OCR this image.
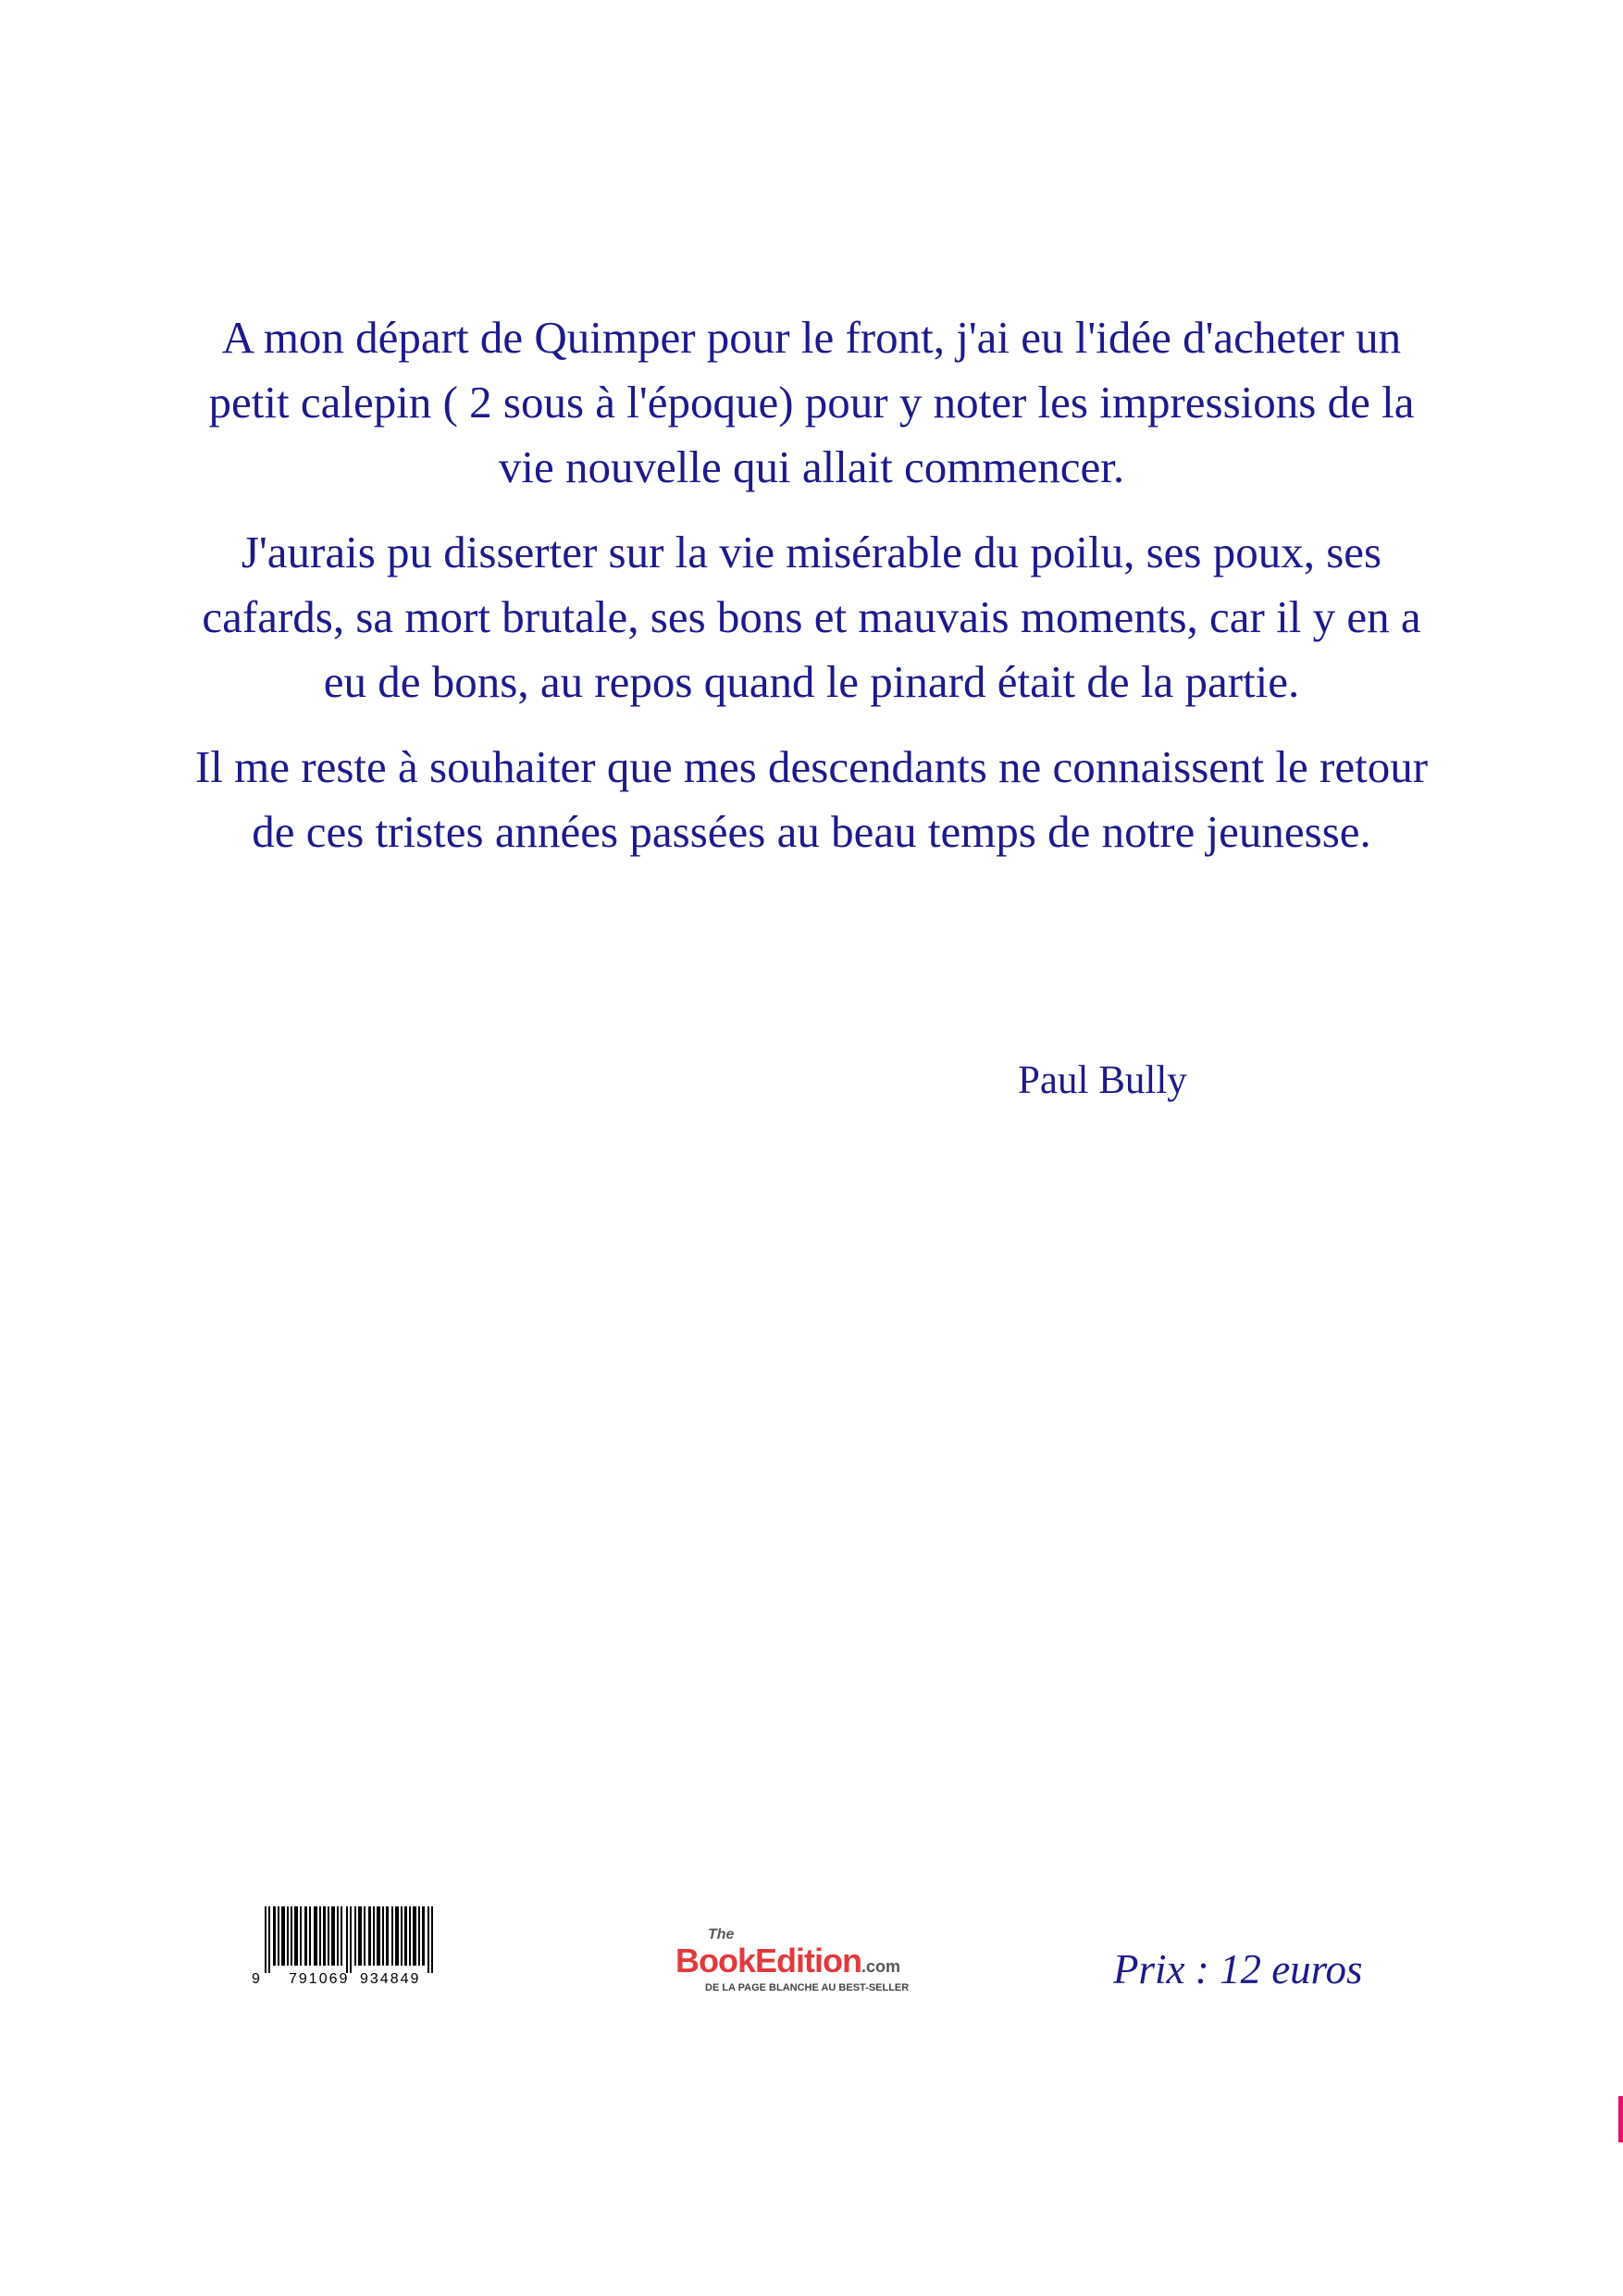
A mon départ de Quimper pour le front, j'ai eu l'idée d'acheter un petit calepin ( 2 sous à l'époque) pour y noter les impressions de la vie nouvelle qui allait commencer.

J'aurais pu disserter sur la vie misérable du poilu, ses poux, ses cafards, sa mort brutale, ses bons et mauvais moments, car il y en a eu de bons, au repos quand le pinard était de la partie.

Il me reste à souhaiter que mes descendants ne connaissent le retour de ces tristes années passées au beau temps de notre jeunesse.

Paul Bully
9 791069 934849
The
BookEdition.com
DE LA PAGE BLANCHE AU BEST-SELLER	Prix : 12 euros
